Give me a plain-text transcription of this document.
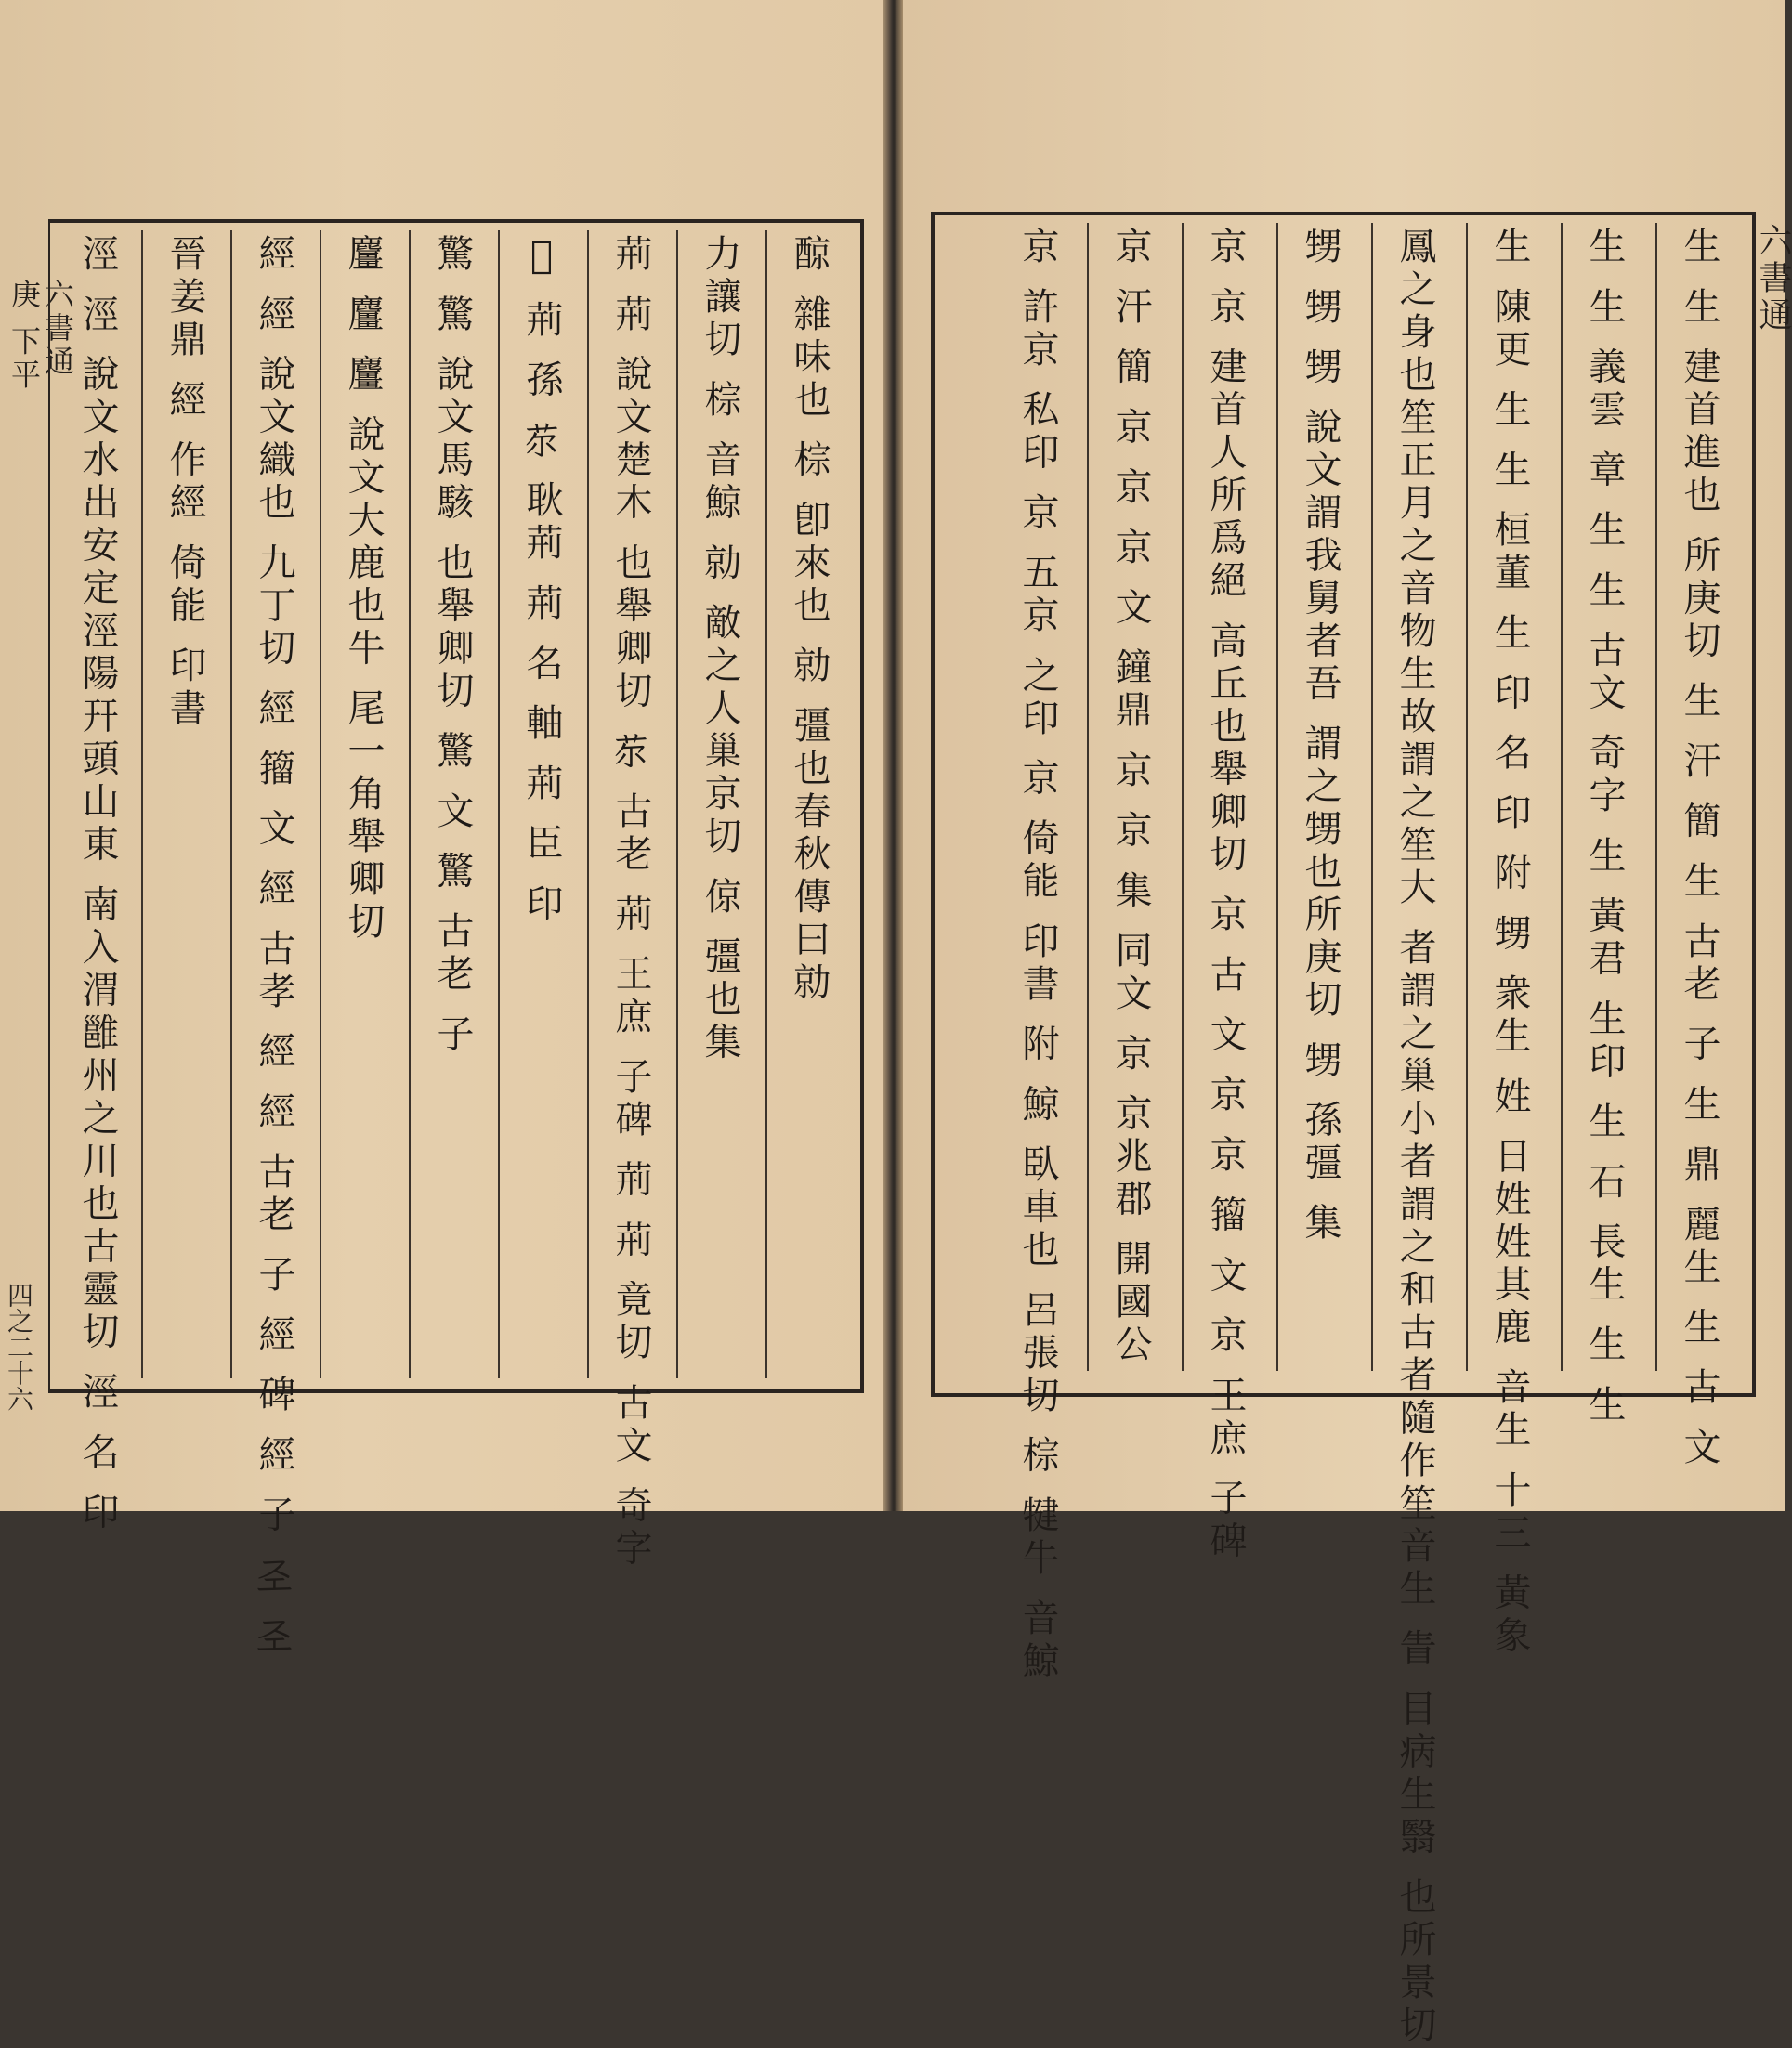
六書通
庚 下平
四之二十六
䣼 雜味也 棕 卽來也 勍 彊也春秋傳曰勍
力讓切 棕 音鯨 勍 敵之人巢京切 倞 彊也集
荊 荊 說文楚木 也舉卿切 𦬼 古老 荊 王庶 子碑 荊 荊 竟切 古文 奇字
𦭞 荊 孫 𦬼 耿荊 荊 名 軸 荊 臣 印
驚 驚 說文馬駭 也舉卿切 驚 文 驚 古老 子
麠 麠 麠 說文大鹿也牛 尾一角舉卿切
經 經 說文織也 九丁切 經 籀 文 經 古孝 經 經 古老 子 經 碑 經 子 𢀖 𢀖
晉姜鼎 經 作經 倚能 印書
涇 涇 說文水出安定涇陽幵頭山東 南入渭雝州之川也古靈切 涇 名 印	六書通
生 生 建首進也 所庚切 生 汗 簡 生 古老 子 生 鼎 麗生 生 古 文
生 生 義雲 章 生 生 古文 奇字 生 黃君 生印 生 石 長生 生 生
生 陳更 生 生 桓董 生 印 名 印 附 甥 衆生 姓 日姓姓其鹿 音生 十三 黃象
鳳之身也笙正月之音物生故謂之笙大 者謂之巢小者謂之和古者隨作笙音生 眚 目病生翳 也所景切
甥 甥 甥 說文謂我舅者吾 謂之甥也所庚切 甥 孫彊 集
京 京 建首人所爲絕 高丘也舉卿切 京 古 文 京 京 籀 文 京 王庶 子碑
京 汗 簡 京 京 京 文 鐘鼎 京 京 集 同文 京 京兆郡 開國公
京 許京 私印 京 五京 之印 京 倚能 印書 附 鯨 臥車也 呂張切 棕 犍牛 音鯨
